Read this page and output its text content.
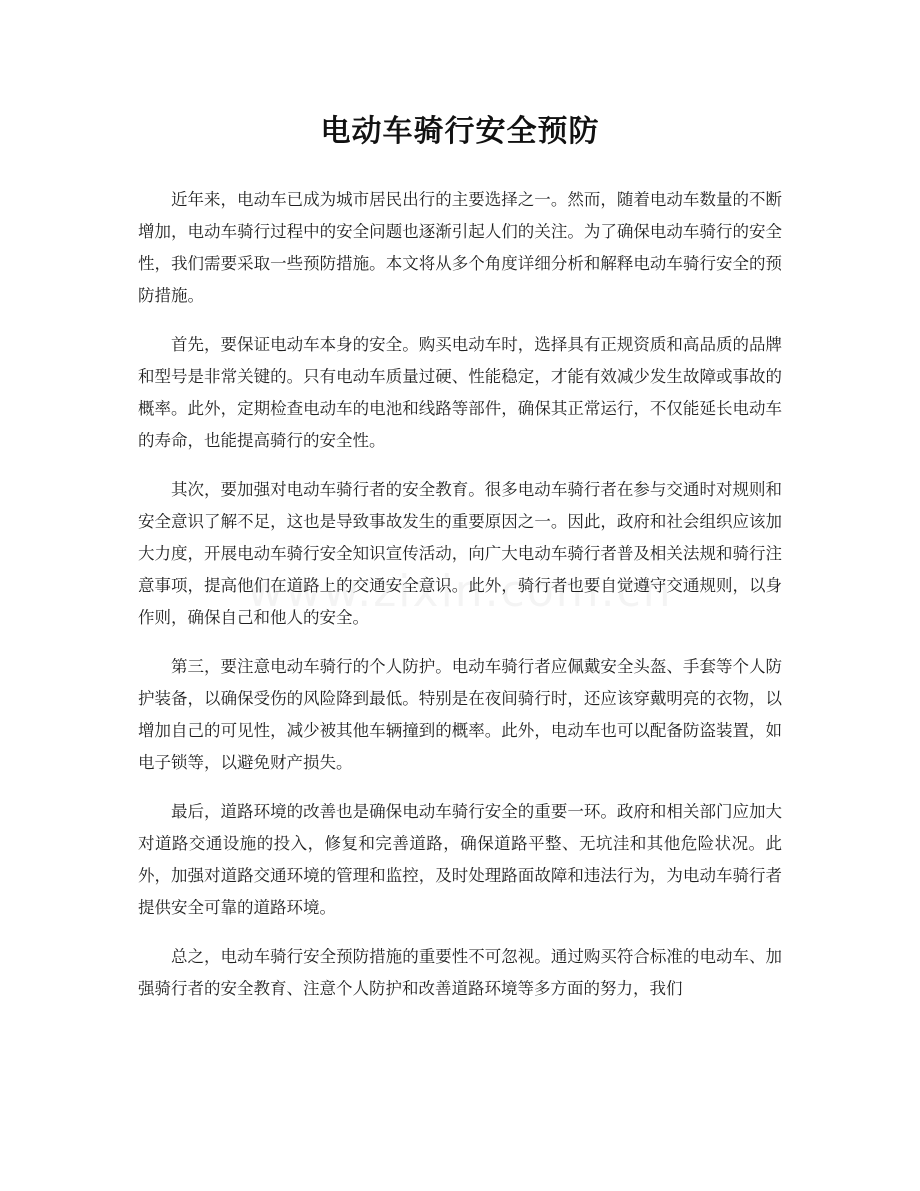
电动车骑行安全预防

近年来，电动车已成为城市居民出行的主要选择之一。然而，随着电动车数量的不断增加，电动车骑行过程中的安全问题也逐渐引起人们的关注。为了确保电动车骑行的安全性，我们需要采取一些预防措施。本文将从多个角度详细分析和解释电动车骑行安全的预防措施。

首先，要保证电动车本身的安全。购买电动车时，选择具有正规资质和高品质的品牌和型号是非常关键的。只有电动车质量过硬、性能稳定，才能有效减少发生故障或事故的概率。此外，定期检查电动车的电池和线路等部件，确保其正常运行，不仅能延长电动车的寿命，也能提高骑行的安全性。

其次，要加强对电动车骑行者的安全教育。很多电动车骑行者在参与交通时对规则和安全意识了解不足，这也是导致事故发生的重要原因之一。因此，政府和社会组织应该加大力度，开展电动车骑行安全知识宣传活动，向广大电动车骑行者普及相关法规和骑行注意事项，提高他们在道路上的交通安全意识。此外，骑行者也要自觉遵守交通规则，以身作则，确保自己和他人的安全。

第三，要注意电动车骑行的个人防护。电动车骑行者应佩戴安全头盔、手套等个人防护装备，以确保受伤的风险降到最低。特别是在夜间骑行时，还应该穿戴明亮的衣物，以增加自己的可见性，减少被其他车辆撞到的概率。此外，电动车也可以配备防盗装置，如电子锁等，以避免财产损失。

最后，道路环境的改善也是确保电动车骑行安全的重要一环。政府和相关部门应加大对道路交通设施的投入，修复和完善道路，确保道路平整、无坑洼和其他危险状况。此外，加强对道路交通环境的管理和监控，及时处理路面故障和违法行为，为电动车骑行者提供安全可靠的道路环境。

总之，电动车骑行安全预防措施的重要性不可忽视。通过购买符合标准的电动车、加强骑行者的安全教育、注意个人防护和改善道路环境等多方面的努力，我们
